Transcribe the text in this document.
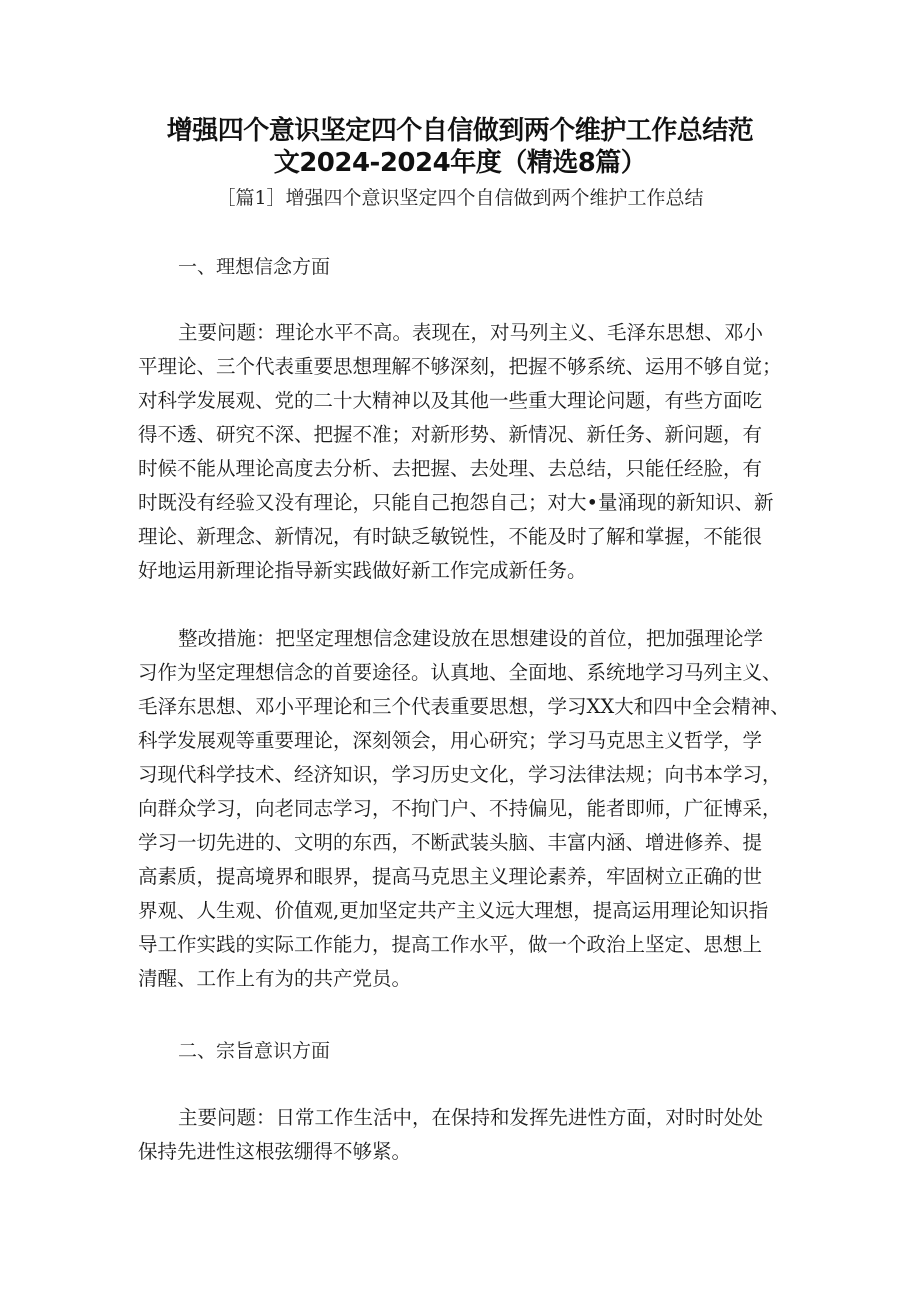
增强四个意识坚定四个自信做到两个维护工作总结范
文2024-2024年度（精选8篇）
［篇1］增强四个意识坚定四个自信做到两个维护工作总结
一、理想信念方面
主要问题：理论水平不高。表现在，对马列主义、毛泽东思想、邓小
平理论、三个代表重要思想理解不够深刻，把握不够系统、运用不够自觉；
对科学发展观、党的二十大精神以及其他一些重大理论问题，有些方面吃
得不透、研究不深、把握不准；对新形势、新情况、新任务、新问题，有
时候不能从理论高度去分析、去把握、去处理、去总结，只能任经脸，有
时既没有经验又没有理论，只能自己抱怨自己；对大•量涌现的新知识、新
理论、新理念、新情况，有时缺乏敏锐性，不能及时了解和掌握，不能很
好地运用新理论指导新实践做好新工作完成新任务。
整改措施：把坚定理想信念建设放在思想建设的首位，把加强理论学
习作为坚定理想信念的首要途径。认真地、全面地、系统地学习马列主义、
毛泽东思想、邓小平理论和三个代表重要思想，学习XX大和四中全会精神、
科学发展观等重要理论，深刻领会，用心研究；学习马克思主义哲学，学
习现代科学技术、经济知识，学习历史文化，学习法律法规；向书本学习，
向群众学习，向老同志学习，不拘门户、不持偏见，能者即师，广征博采，
学习一切先进的、文明的东西，不断武装头脑、丰富内涵、增进修养、提
高素质，提高境界和眼界，提高马克思主义理论素养，牢固树立正确的世
界观、人生观、价值观,更加坚定共产主义远大理想，提高运用理论知识指
导工作实践的实际工作能力，提高工作水平，做一个政治上坚定、思想上
清醒、工作上有为的共产党员。
二、宗旨意识方面
主要问题：日常工作生活中，在保持和发挥先进性方面，对时时处处
保持先进性这根弦绷得不够紧。
